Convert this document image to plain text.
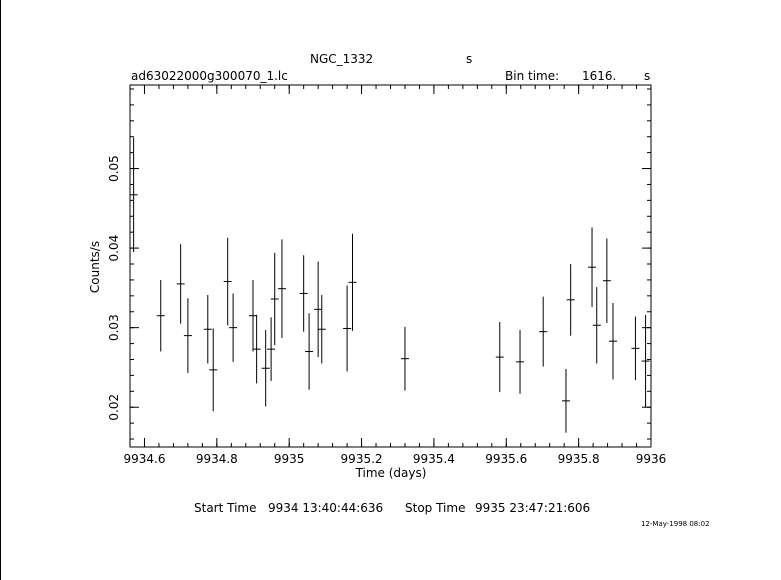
NGC_1332	s
ad63022000g300070_1.lc	Bin time: 1616. s
9934.6	9934.8	9935	9935.2	9935.4	9935.6	9935.8	9936
0.02
0.03
0.04
0.05
Time (days)
Counts/s
Start Time 9934 13:40:44:636 Stop Time 9935 23:47:21:606
12-May-1998 08:02
